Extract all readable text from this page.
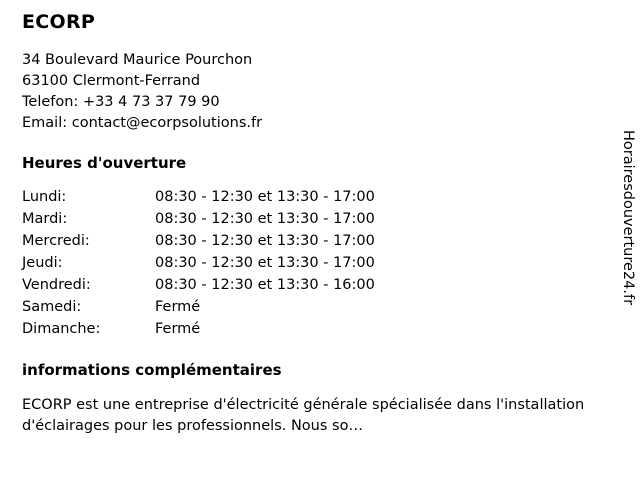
ECORP
34 Boulevard Maurice Pourchon
63100 Clermont-Ferrand
Telefon: +33 4 73 37 79 90
Email: contact@ecorpsolutions.fr
Heures d'ouverture
Lundi:	08:30 - 12:30 et 13:30 - 17:00
Mardi:	08:30 - 12:30 et 13:30 - 17:00
Mercredi:	08:30 - 12:30 et 13:30 - 17:00
Jeudi:	08:30 - 12:30 et 13:30 - 17:00
Vendredi:	08:30 - 12:30 et 13:30 - 16:00
Samedi:	Fermé
Dimanche:	Fermé
informations complémentaires

ECORP est une entreprise d'électricité générale spécialisée dans l'installation d'éclairages pour les professionnels. Nous so…

Horairesdouverture24.fr
